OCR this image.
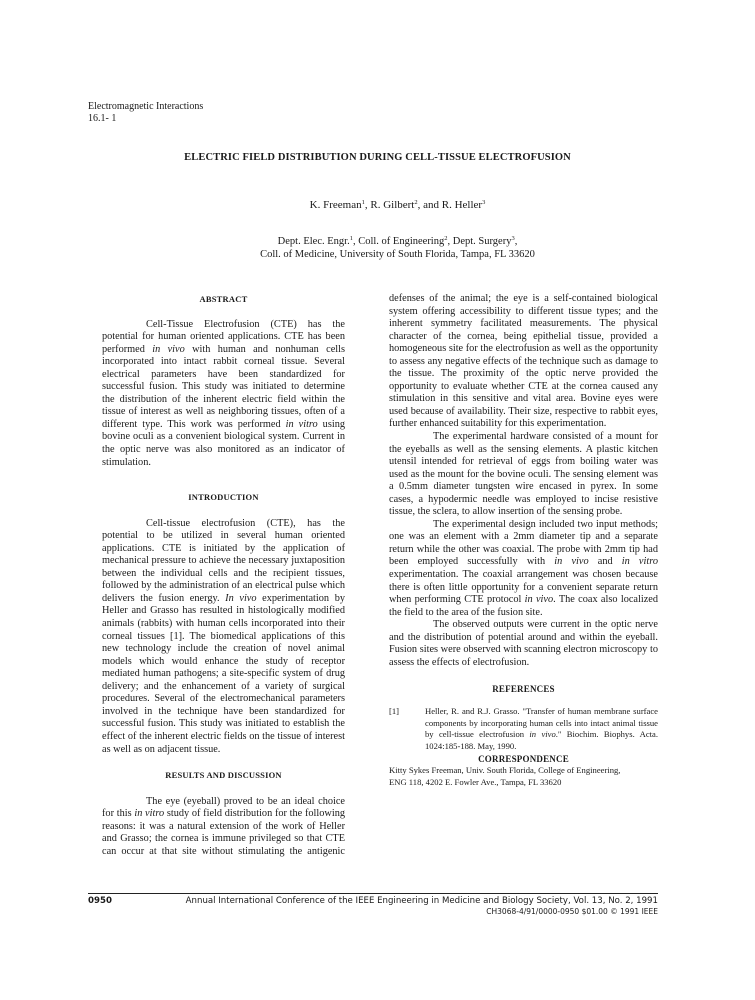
Electromagnetic Interactions
16.1- 1
ELECTRIC FIELD DISTRIBUTION DURING CELL-TISSUE ELECTROFUSION
K. Freeman$^1$, R. Gilbert$^2$, and R. Heller$^3$
Dept. Elec. Engr.$^1$, Coll. of Engineering$^2$, Dept. Surgery$^3$,
Coll. of Medicine, University of South Florida, Tampa, FL 33620

ABSTRACT

Cell-Tissue Electrofusion (CTE) has the potential for human oriented applications. CTE has been performed in vivo with human and nonhuman cells incorporated into intact rabbit corneal tissue. Several electrical parameters have been standardized for successful fusion. This study was initiated to determine the distribution of the inherent electric field within the tissue of interest as well as neighboring tissues, often of a different type. This work was performed in vitro using bovine oculi as a convenient biological system. Current in the optic nerve was also monitored as an indicator of stimulation.

INTRODUCTION

Cell-tissue electrofusion (CTE), has the potential to be utilized in several human oriented applications. CTE is initiated by the application of mechanical pressure to achieve the necessary juxtaposition between the individual cells and the recipient tissues, followed by the administration of an electrical pulse which delivers the fusion energy. In vivo experimentation by Heller and Grasso has resulted in histologically modified animals (rabbits) with human cells incorporated into their corneal tissues [1]. The biomedical applications of this new technology include the creation of novel animal models which would enhance the study of receptor mediated human pathogens; a site-specific system of drug delivery; and the enhancement of a variety of surgical procedures. Several of the electromechanical parameters involved in the technique have been standardized for successful fusion. This study was initiated to establish the effect of the inherent electric fields on the tissue of interest as well as on adjacent tissue.

RESULTS AND DISCUSSION

The eye (eyeball) proved to be an ideal choice for this in vitro study of field distribution for the following reasons: it was a natural extension of the work of Heller and Grasso; the cornea is immune privileged so that CTE can occur at that site without stimulating the antigenic

defenses of the animal; the eye is a self-contained biological system offering accessibility to different tissue types; and the inherent symmetry facilitated measurements. The physical character of the cornea, being epithelial tissue, provided a homogeneous site for the electrofusion as well as the opportunity to assess any negative effects of the technique such as damage to the tissue. The proximity of the optic nerve provided the opportunity to evaluate whether CTE at the cornea caused any stimulation in this sensitive and vital area. Bovine eyes were used because of availability. Their size, respective to rabbit eyes, further enhanced suitability for this experimentation.

The experimental hardware consisted of a mount for the eyeballs as well as the sensing elements. A plastic kitchen utensil intended for retrieval of eggs from boiling water was used as the mount for the bovine oculi. The sensing element was a 0.5mm diameter tungsten wire encased in pyrex. In some cases, a hypodermic needle was employed to incise resistive tissue, the sclera, to allow insertion of the sensing probe.

The experimental design included two input methods; one was an element with a 2mm diameter tip and a separate return while the other was coaxial. The probe with 2mm tip had been employed successfully with in vivo and in vitro experimentation. The coaxial arrangement was chosen because there is often little opportunity for a convenient separate return when performing CTE protocol in vivo. The coax also localized the field to the area of the fusion site.

The observed outputs were current in the optic nerve and the distribution of potential around and within the eyeball. Fusion sites were observed with scanning electron microscopy to assess the effects of electrofusion.

REFERENCES

[1]	Heller, R. and R.J. Grasso. "Transfer of human membrane surface components by incorporating human cells into intact animal tissue by cell-tissue electrofusion in vivo." Biochim. Biophys. Acta. 1024:185-188. May, 1990.

CORRESPONDENCE

Kitty Sykes Freeman, Univ. South Florida, College of Engineering,
ENG 118, 4202 E. Fowler Ave., Tampa, FL 33620
0950	Annual International Conference of the IEEE Engineering in Medicine and Biology Society, Vol. 13, No. 2, 1991
CH3068-4/91/0000-0950 $01.00 © 1991 IEEE
